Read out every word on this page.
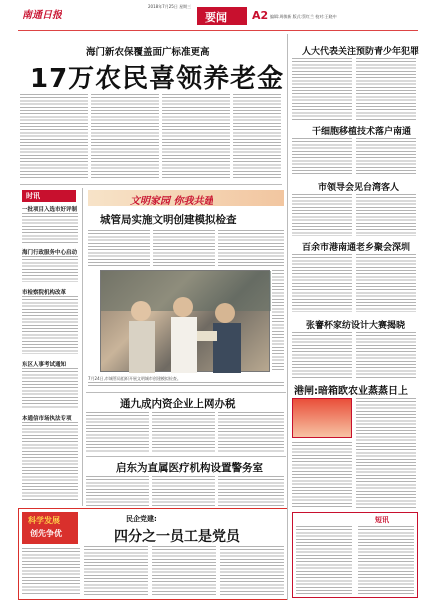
南通日报
2018年7月25日 星期三
要闻 A2 编辑:周敏新 版式:蔡红兰 校对:王晓中
海门新农保覆盖面广标准更高
17万农民喜领养老金
时讯
一批项目入选市好评制
海门行政服务中心启动
市检察院机构改革
东区人事考试通知
本通信市场执法专项
文明家园 你我共建
城管局实施文明创建模拟检查
7月24日,市城管局组织开展文明城市创建模拟检查。
通九成内资企业上网办税
启东为直属医疗机构设置警务室
科学发展
创先争优
民企党建:
四分之一员工是党员
人大代表关注预防青少年犯罪
干细胞移植技术落户南通
市领导会见台湾客人
百余市港南通老乡聚会深圳
张謇杯家纺设计大赛揭晓
港闸:暗箱欧农业蒸蒸日上
短讯
